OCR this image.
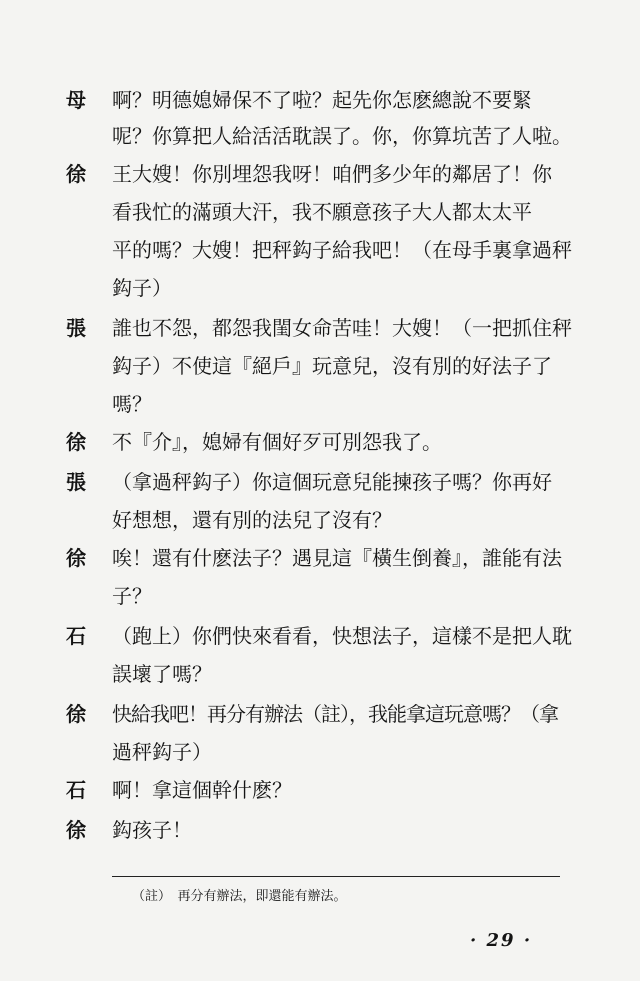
母 啊？明德媳婦保不了啦？起先你怎麽總說不要緊
呢？你算把人給活活耽誤了。你，你算坑苦了人啦。
徐 王大嫂！你別埋怨我呀！咱們多少年的鄰居了！你
看我忙的滿頭大汗，我不願意孩子大人都太太平
平的嗎？大嫂！把秤鈎子給我吧！（在母手裏拿過秤
鈎子）
張 誰也不怨，都怨我閨女命苦哇！大嫂！（一把抓住秤
鈎子）不使這『絕戶』玩意兒，沒有別的好法子了
嗎？
徐 不『介』，媳婦有個好歹可別怨我了。
張 （拿過秤鈎子）你這個玩意兒能揀孩子嗎？你再好
好想想，還有別的法兒了沒有？
徐 唉！還有什麽法子？遇見這『橫生倒養』，誰能有法
子？
石 （跑上）你們快來看看，快想法子，這樣不是把人耽
誤壞了嗎？
徐 快給我吧！再分有辦法（註），我能拿這玩意嗎？（拿
過秤鈎子）
石 啊！拿這個幹什麽？
徐 鈎孩子！
（註）　再分有辦法，即還能有辦法。
· 29 ·
